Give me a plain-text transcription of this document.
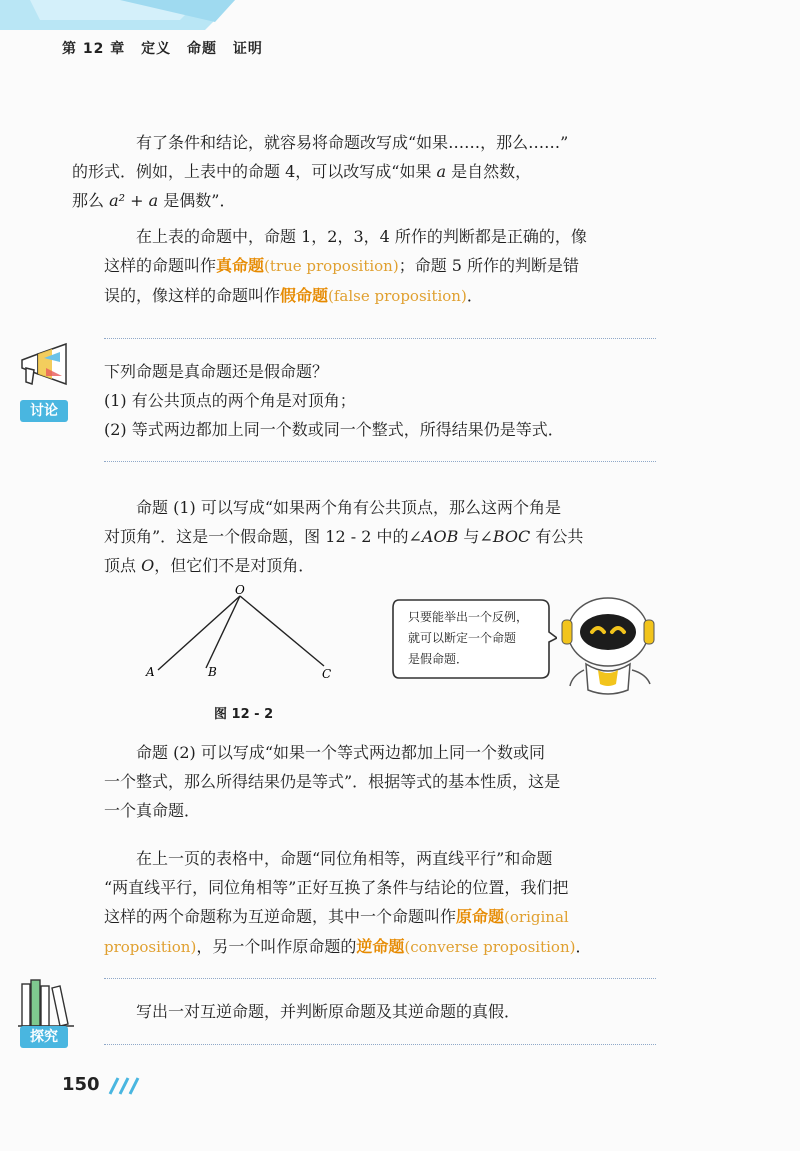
第 12 章 定义 命题 证明

有了条件和结论，就容易将命题改写成“如果……，那么……”
的形式．例如，上表中的命题 4，可以改写成“如果 a 是自然数，
那么 a² + a 是偶数”．

在上表的命题中，命题 1，2，3，4 所作的判断都是正确的，像
这样的命题叫作真命题(true proposition)；命题 5 所作的判断是错
误的，像这样的命题叫作假命题(false proposition)．

讨论

下列命题是真命题还是假命题？
(1) 有公共顶点的两个角是对顶角；
(2) 等式两边都加上同一个数或同一个整式，所得结果仍是等式．

命题 (1) 可以写成“如果两个角有公共顶点，那么这两个角是
对顶角”．这是一个假命题，图 12 - 2 中的∠AOB 与∠BOC 有公共
顶点 O，但它们不是对顶角．

O
A	B	C
图 12 - 2
只要能举出一个反例，
就可以断定一个命题
是假命题．

命题 (2) 可以写成“如果一个等式两边都加上同一个数或同
一个整式，那么所得结果仍是等式”．根据等式的基本性质，这是
一个真命题．

在上一页的表格中，命题“同位角相等，两直线平行”和命题
“两直线平行，同位角相等”正好互换了条件与结论的位置，我们把
这样的两个命题称为互逆命题，其中一个命题叫作原命题(original
proposition)，另一个叫作原命题的逆命题(converse proposition)．

探究

写出一对互逆命题，并判断原命题及其逆命题的真假．

150
